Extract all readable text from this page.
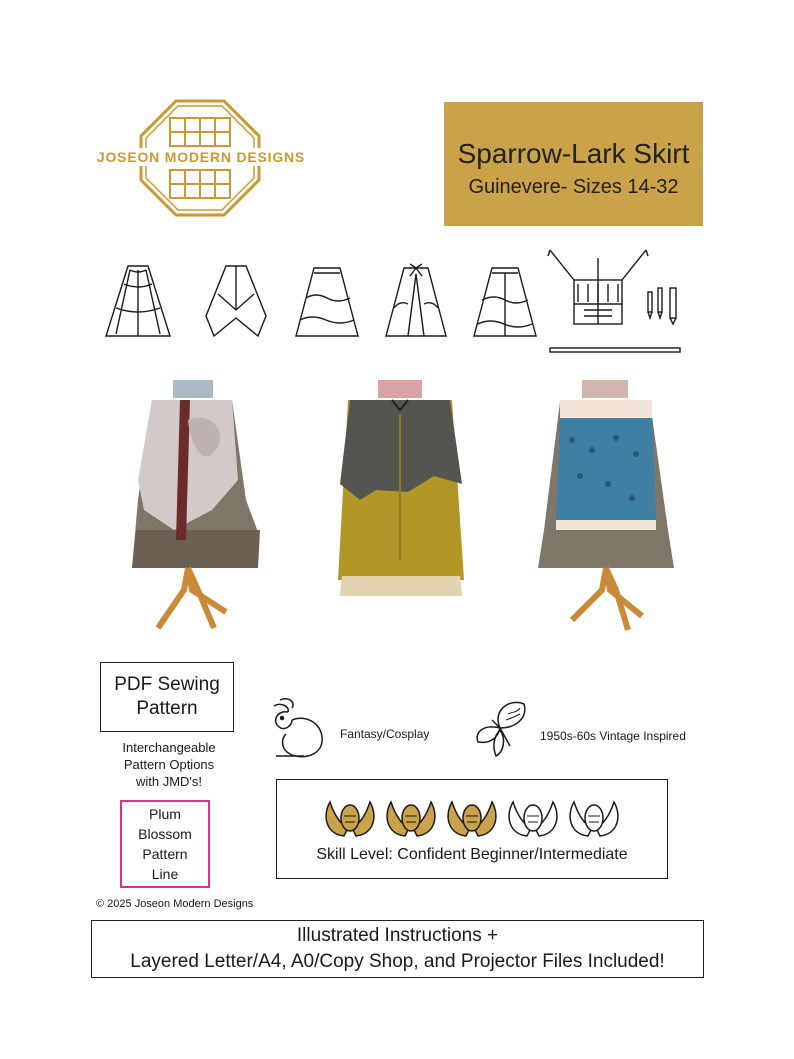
JOSEON MODERN DESIGNS	Sparrow-Lark Skirt
Guinevere- Sizes 14-32
PDF Sewing
Pattern
Interchangeable
Pattern Options
with JMD's!
Plum
Blossom
Pattern
Line
© 2025 Joseon Modern Designs
Fantasy/Cosplay	1950s-60s Vintage Inspired
Skill Level: Confident Beginner/Intermediate
Illustrated Instructions +
Layered Letter/A4, A0/Copy Shop, and Projector Files Included!
